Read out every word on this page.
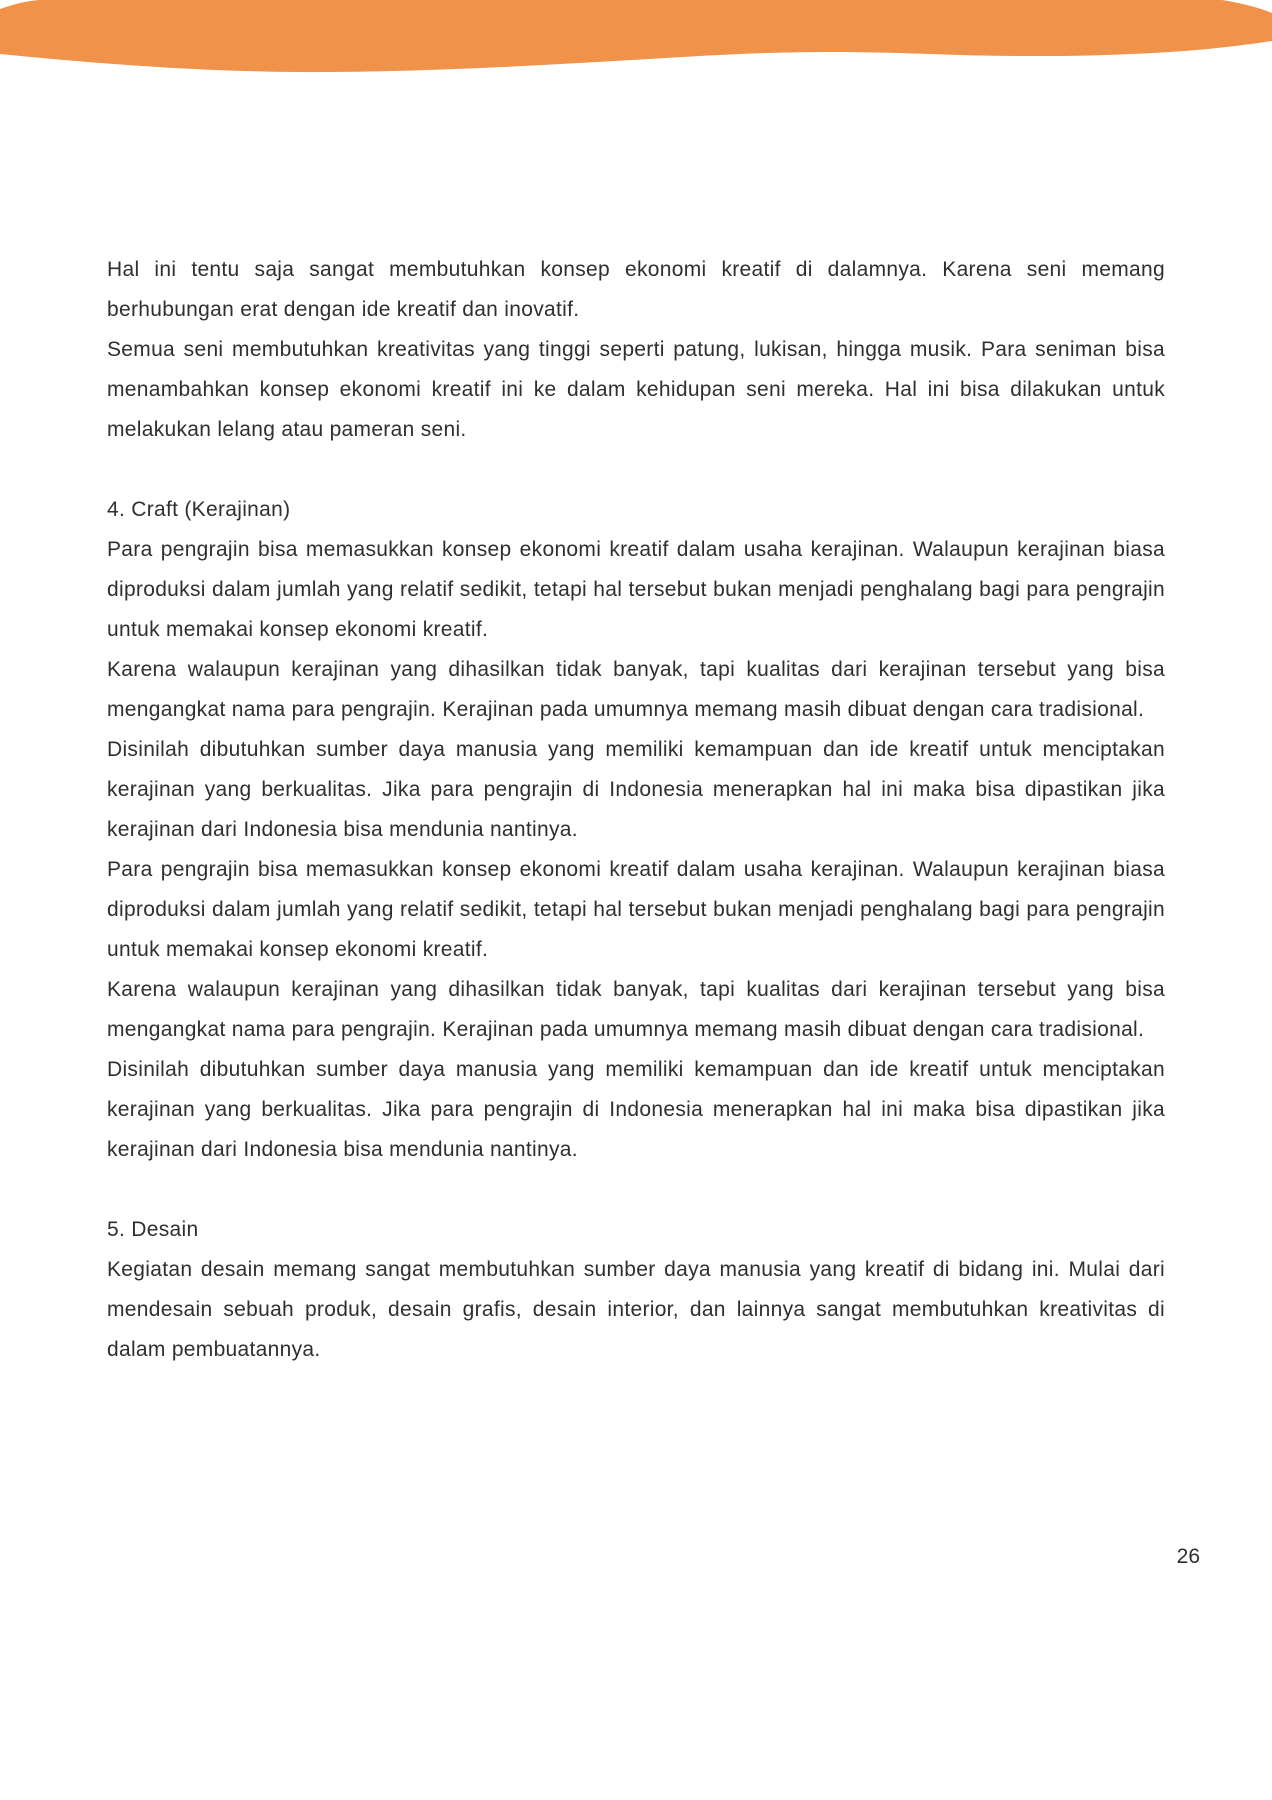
Hal ini tentu saja sangat membutuhkan konsep ekonomi kreatif di dalamnya. Karena seni memang berhubungan erat dengan ide kreatif dan inovatif.

Semua seni membutuhkan kreativitas yang tinggi seperti patung, lukisan, hingga musik. Para seniman bisa menambahkan konsep ekonomi kreatif ini ke dalam kehidupan seni mereka. Hal ini bisa dilakukan untuk melakukan lelang atau pameran seni.

4. Craft (Kerajinan)

Para pengrajin bisa memasukkan konsep ekonomi kreatif dalam usaha kerajinan. Walaupun kerajinan biasa diproduksi dalam jumlah yang relatif sedikit, tetapi hal tersebut bukan menjadi penghalang bagi para pengrajin untuk memakai konsep ekonomi kreatif.

Karena walaupun kerajinan yang dihasilkan tidak banyak, tapi kualitas dari kerajinan tersebut yang bisa mengangkat nama para pengrajin. Kerajinan pada umumnya memang masih dibuat dengan cara tradisional.

Disinilah dibutuhkan sumber daya manusia yang memiliki kemampuan dan ide kreatif untuk menciptakan kerajinan yang berkualitas. Jika para pengrajin di Indonesia menerapkan hal ini maka bisa dipastikan jika kerajinan dari Indonesia bisa mendunia nantinya.

Para pengrajin bisa memasukkan konsep ekonomi kreatif dalam usaha kerajinan. Walaupun kerajinan biasa diproduksi dalam jumlah yang relatif sedikit, tetapi hal tersebut bukan menjadi penghalang bagi para pengrajin untuk memakai konsep ekonomi kreatif.

Karena walaupun kerajinan yang dihasilkan tidak banyak, tapi kualitas dari kerajinan tersebut yang bisa mengangkat nama para pengrajin. Kerajinan pada umumnya memang masih dibuat dengan cara tradisional.

Disinilah dibutuhkan sumber daya manusia yang memiliki kemampuan dan ide kreatif untuk menciptakan kerajinan yang berkualitas. Jika para pengrajin di Indonesia menerapkan hal ini maka bisa dipastikan jika kerajinan dari Indonesia bisa mendunia nantinya.

5. Desain

Kegiatan desain memang sangat membutuhkan sumber daya manusia yang kreatif di bidang ini. Mulai dari mendesain sebuah produk, desain grafis, desain interior, dan lainnya sangat membutuhkan kreativitas di dalam pembuatannya.

26
